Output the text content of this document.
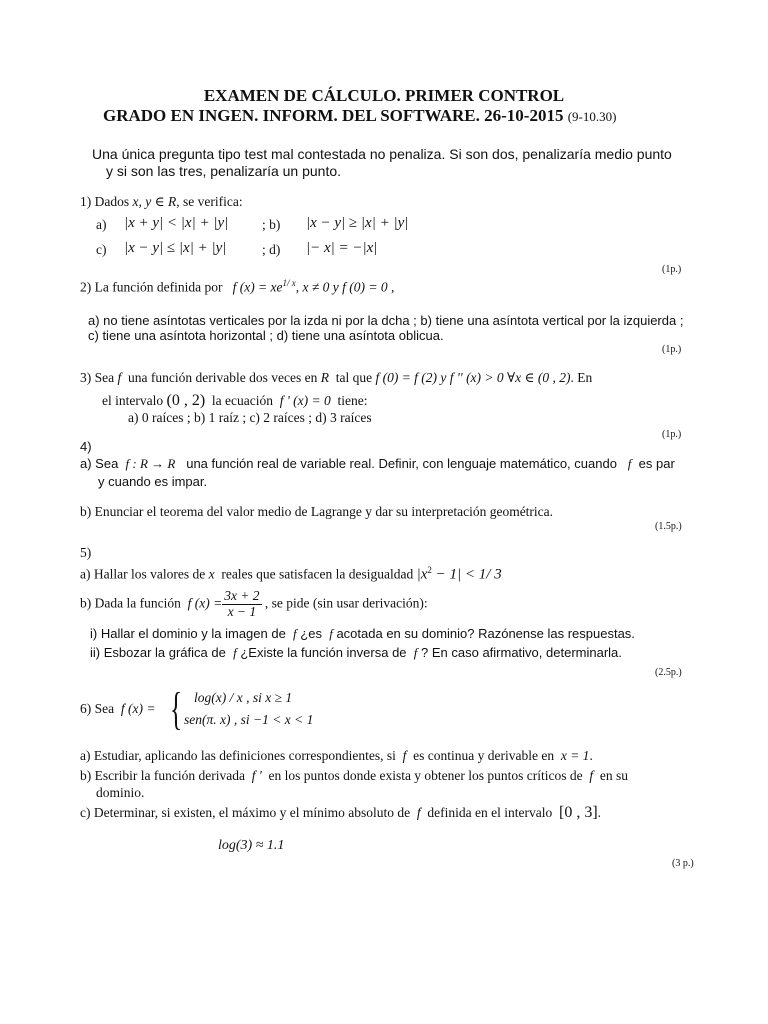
EXAMEN DE CÁLCULO. PRIMER CONTROL
GRADO EN INGEN. INFORM. DEL SOFTWARE. 26-10-2015 (9-10.30)
Una única pregunta tipo test mal contestada no penaliza. Si son dos, penalizaría medio punto
y si son las tres, penalizaría un punto.
1) Dados x, y ∈ R, se verifica:
a) |x + y| < |x| + |y|	; b) |x − y| ≥ |x| + |y|
c) |x − y| ≤ |x| + |y|	; d) |− x| = −|x|
(1p.)
2) La función definida por f $(x) = xe^{1/ x}$, x ≠ 0 y f (0) = 0 ,
a) no tiene asíntotas verticales por la izda ni por la dcha ; b) tiene una asíntota vertical por la izquierda ;
c) tiene una asíntota horizontal ; d) tiene una asíntota oblicua.
(1p.)
3) Sea f una función derivable dos veces en R tal que f (0) = f (2) y f '' (x) > 0 ∀x ∈ (0 , 2). En
el intervalo (0 , 2) la ecuación f ' (x) = 0 tiene:
a) 0 raíces ; b) 1 raíz ; c) 2 raíces ; d) 3 raíces
(1p.)
4)
a) Sea f : R → R una función real de variable real. Definir, con lenguaje matemático, cuando f es par
y cuando es impar.
b) Enunciar el teorema del valor medio de Lagrange y dar su interpretación geométrica.
(1.5p.)
5)
a) Hallar los valores de x reales que satisfacen la desigualdad $|x^2 - 1| < 1/$ 3
b) Dada la función f $(x) = \frac{3x + 2}{x - 1}$ , se pide (sin usar derivación):
i) Hallar el dominio y la imagen de f ¿es f acotada en su dominio? Razónense las respuestas.
ii) Esbozar la gráfica de f ¿Existe la función inversa de f ? En caso afirmativo, determinarla.
(2.5p.)
6) Sea f (x) = { log(x) / x , si x ≥ 1
sen(π. x) , si −1 < x < 1
a) Estudiar, aplicando las definiciones correspondientes, si f es continua y derivable en x = 1.
b) Escribir la función derivada f ' en los puntos donde exista y obtener los puntos críticos de f en su
dominio.
c) Determinar, si existen, el máximo y el mínimo absoluto de f definida en el intervalo [0 , 3].
log(3) ≈ 1.1
(3 p.)
